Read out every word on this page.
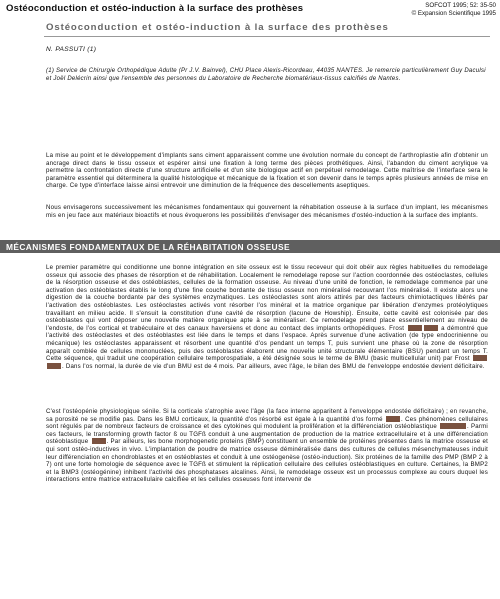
Ostéoconduction et ostéo-induction à la surface des prothèses	SOFCOT 1995; 52: 35-50
© Expansion Scientifique 1995
Ostéoconduction et ostéo-induction à la surface des prothèses
N. PASSUTI (1)
(1) Service de Chirurgie Orthopédique Adulte (Pr J.V. Bainvel), CHU Place Alexis-Ricordeau, 44035 NANTES. Je remercie particulièrement Guy Daculsi et Joël Delécrin ainsi que l'ensemble des personnes du Laboratoire de Recherche biomatériaux-tissus calcifiés de Nantes.

La mise au point et le développement d'implants sans ciment apparaissent comme une évolution normale du concept de l'arthroplastie afin d'obtenir un ancrage direct dans le tissu osseux et espérer ainsi une fixation à long terme des pièces prothétiques. Ainsi, l'abandon du ciment acrylique va permettre la confrontation directe d'une structure artificielle et d'un site biologique actif en perpétuel remodelage. Cette maîtrise de l'interface sera le paramètre essentiel qui déterminera la qualité histologique et mécanique de la fixation et son devenir dans le temps après plusieurs années de mise en charge. Ce type d'interface laisse ainsi entrevoir une diminution de la fréquence des descellements aseptiques.

Nous envisagerons successivement les mécanismes fondamentaux qui gouvernent la réhabitation osseuse à la surface d'un implant, les mécanismes mis en jeu face aux matériaux bioactifs et nous évoquerons les possibilités d'envisager des mécanismes d'ostéo-induction à la surface des implants.

MÉCANISMES FONDAMENTAUX DE LA RÉHABITATION OSSEUSE

Le premier paramètre qui conditionne une bonne intégration en site osseux est le tissu receveur qui doit obéir aux règles habituelles du remodelage osseux qui associe des phases de résorption et de réhabilitation. Localement le remodelage repose sur l'action coordonnée des ostéoclastes, cellules de la résorption osseuse et des ostéoblastes, cellules de la formation osseuse. Au niveau d'une unité de fonction, le remodelage commence par une activation des ostéoblastes établis le long d'une fine couche bordante de tissu osseux non minéralisé recouvrant l'os minéralisé. Il existe alors une digestion de la couche bordante par des systèmes enzymatiques. Les ostéoclastes sont alors attirés par des facteurs chimiotactiques libérés par l'activation des ostéoblastes. Les ostéoclastes activés vont résorber l'os minéral et la matrice organique par libération d'enzymes protéolytiques travaillant en milieu acide. Il s'ensuit la constitution d'une cavité de résorption (lacune de Howship). Ensuite, cette cavité est colonisée par des ostéoblastes qui vont déposer une nouvelle matière organique apte à se minéraliser. Ce remodelage prend place essentiellement au niveau de l'endoste, de l'os cortical et trabéculaire et des canaux haversiens et donc au contact des implants orthopédiques. Frost	a démontré que l'activité des ostéoclastes et des ostéoblastes est liée dans le temps et dans l'espace. Après survenue d'une activation (de type endocrinienne ou mécanique) les ostéoclastes apparaissent et résorbent une quantité d'os pendant un temps T, puis survient une phase où la zone de résorption apparaît comblée de cellules mononuclées, puis des ostéoblastes élaborent une nouvelle unité structurale élémentaire (BSU) pendant un temps T. Cette séquence, qui traduit une coopération cellulaire temporospatiale, a été désignée sous le terme de BMU (basic multicellular unit) par Frost . Dans l'os normal, la durée de vie d'un BMU est de 4 mois. Par ailleurs, avec l'âge, le bilan des BMU de l'enveloppe endostée devient déficitaire.

C'est l'ostéopénie physiologique sénile. Si la corticale s'atrophie avec l'âge (la face interne apparitent à l'enveloppe endostée déficitaire) ; en revanche, sa porosité ne se modifie pas. Dans les BMU corticaux, la quantité d'os résorbé est égale à la quantité d'os formé	. Ces phénomènes cellulaires sont régulés par de nombreux facteurs de croissance et des cytokines qui modulent la prolifération et la différenciation ostéoblastique	. Parmi ces facteurs, le transforming growth factor ß ou TGFß conduit à une augmentation de production de la matrice extracellulaire et à une différenciation ostéoblastique	. Par ailleurs, les bone morphogenetic proteins (BMP) constituent un ensemble de protéines présentes dans la matrice osseuse et qui sont ostéo-inductives in vivo. L'implantation de poudre de matrice osseuse déminéralisée dans des cultures de cellules mésenchymateuses induit leur différenciation en chondroblastes et en ostéoblastes et conduit à une ostéogenèse (ostéo-induction). Six protéines de la famille des PMP (BMP 2 à 7) ont une forte homologie de séquence avec le TGFß et stimulent la réplication cellulaire des cellules ostéoblastiques en culture. Certaines, la BMP2 et la BMP3 (ostéogénine) inhibent l'activité des phosphatases alcalines. Ainsi, le remodelage osseux est un processus complexe au cours duquel les interactions entre matrice extracellulaire calcifiée et les cellules osseuses font intervenir de
